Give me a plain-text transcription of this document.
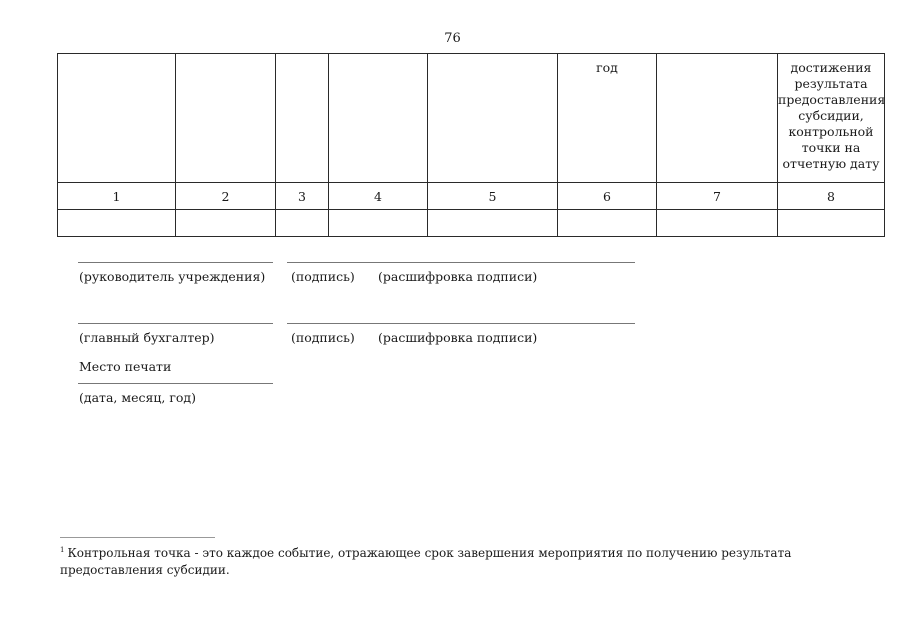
76
					год		достижения результата предоставления субсидии, контрольной точки на отчетную дату
1	2	3	4	5	6	7	8

(руководитель учреждения) (подпись) (расшифровка подписи)
(главный бухгалтер)	(подпись) (расшифровка подписи)
Место печати
(дата, месяц, год)
$^1$ Контрольная точка - это каждое событие, отражающее срок завершения мероприятия по получению результата предоставления субсидии.
